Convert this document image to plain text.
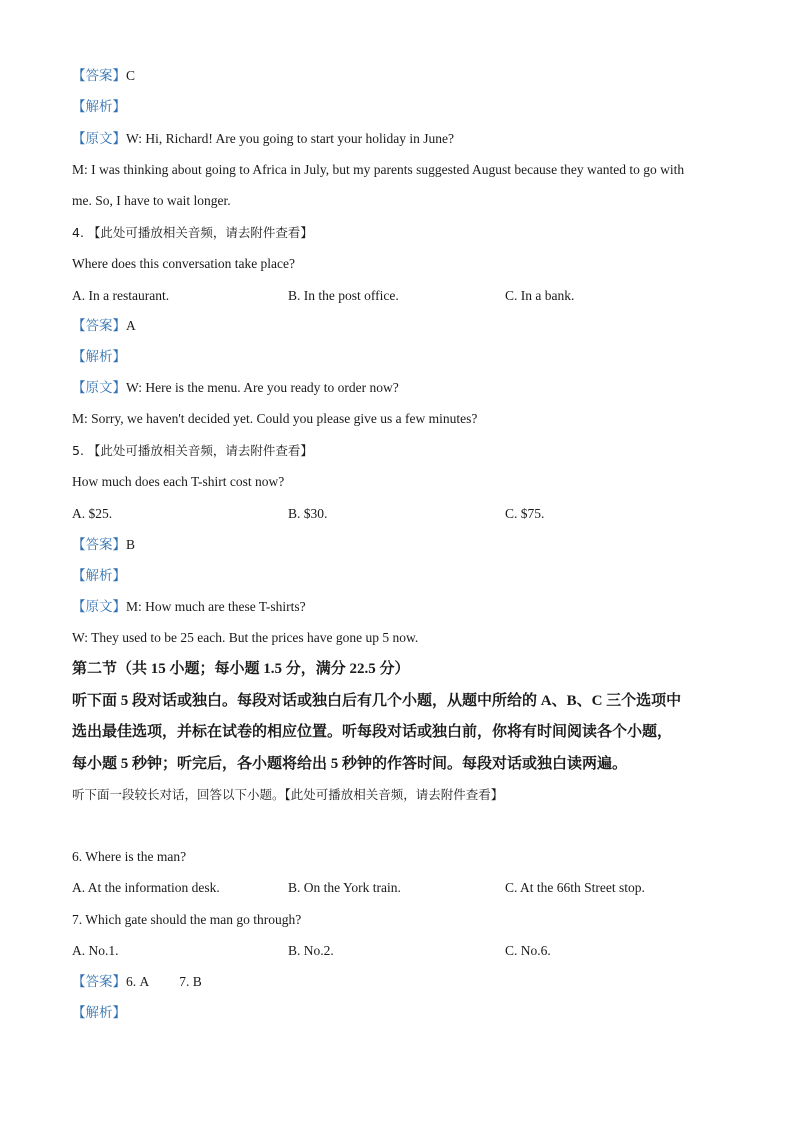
【答案】C
【解析】
【原文】W: Hi, Richard! Are you going to start your holiday in June?
M: I was thinking about going to Africa in July, but my parents suggested August because they wanted to go with
me. So, I have to wait longer.
4. 【此处可播放相关音频，请去附件查看】
Where does this conversation take place?
A. In a restaurant.	B. In the post office.	C. In a bank.
【答案】A
【解析】
【原文】W: Here is the menu. Are you ready to order now?
M: Sorry, we haven't decided yet. Could you please give us a few minutes?
5. 【此处可播放相关音频，请去附件查看】
How much does each T-shirt cost now?
A. $25.	B. $30.	C. $75.
【答案】B
【解析】
【原文】M: How much are these T-shirts?
W: They used to be 25 each. But the prices have gone up 5 now.
第二节（共 15 小题；每小题 1.5 分，满分 22.5 分）
听下面 5 段对话或独白。每段对话或独白后有几个小题，从题中所给的 A、B、C 三个选项中
选出最佳选项，并标在试卷的相应位置。听每段对话或独白前，你将有时间阅读各个小题，
每小题 5 秒钟；听完后，各小题将给出 5 秒钟的作答时间。每段对话或独白读两遍。
听下面一段较长对话，回答以下小题。【此处可播放相关音频，请去附件查看】
6. Where is the man?
A. At the information desk.	B. On the York train.	C. At the 66th Street stop.
7. Which gate should the man go through?
A. No.1.	B. No.2.	C. No.6.
【答案】6. A 7. B
【解析】
